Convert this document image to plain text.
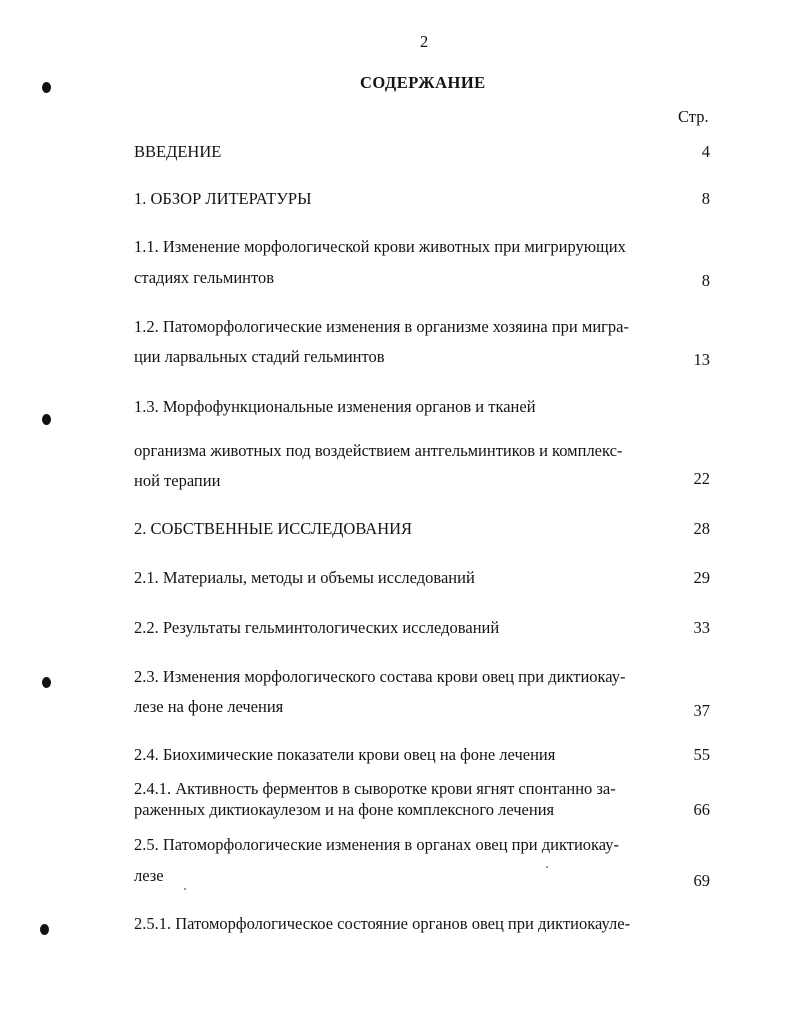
2
СОДЕРЖАНИЕ
Стр.
ВВЕДЕНИЕ	4
1. ОБЗОР ЛИТЕРАТУРЫ	8
1.1. Изменение морфологической крови животных при мигрирующих
стадиях гельминтов	8
1.2. Патоморфологические изменения в организме хозяина при мигра-
ции ларвальных стадий гельминтов	13
1.3. Морфофункциональные изменения органов и тканей
организма животных под воздействием антгельминтиков и комплекс-
ной терапии	22
2. СОБСТВЕННЫЕ ИССЛЕДОВАНИЯ	28
2.1. Материалы, методы и объемы исследований	29
2.2. Результаты гельминтологических исследований	33
2.3. Изменения морфологического состава крови овец при диктиокау-
лезе на фоне лечения	37
2.4. Биохимические показатели крови овец на фоне лечения	55
2.4.1. Активность ферментов в сыворотке крови ягнят спонтанно за-
раженных диктиокаулезом и на фоне комплексного лечения	66
2.5. Патоморфологические изменения в органах овец при диктиокау-
лезе	69
2.5.1. Патоморфологическое состояние органов овец при диктиокауле-
